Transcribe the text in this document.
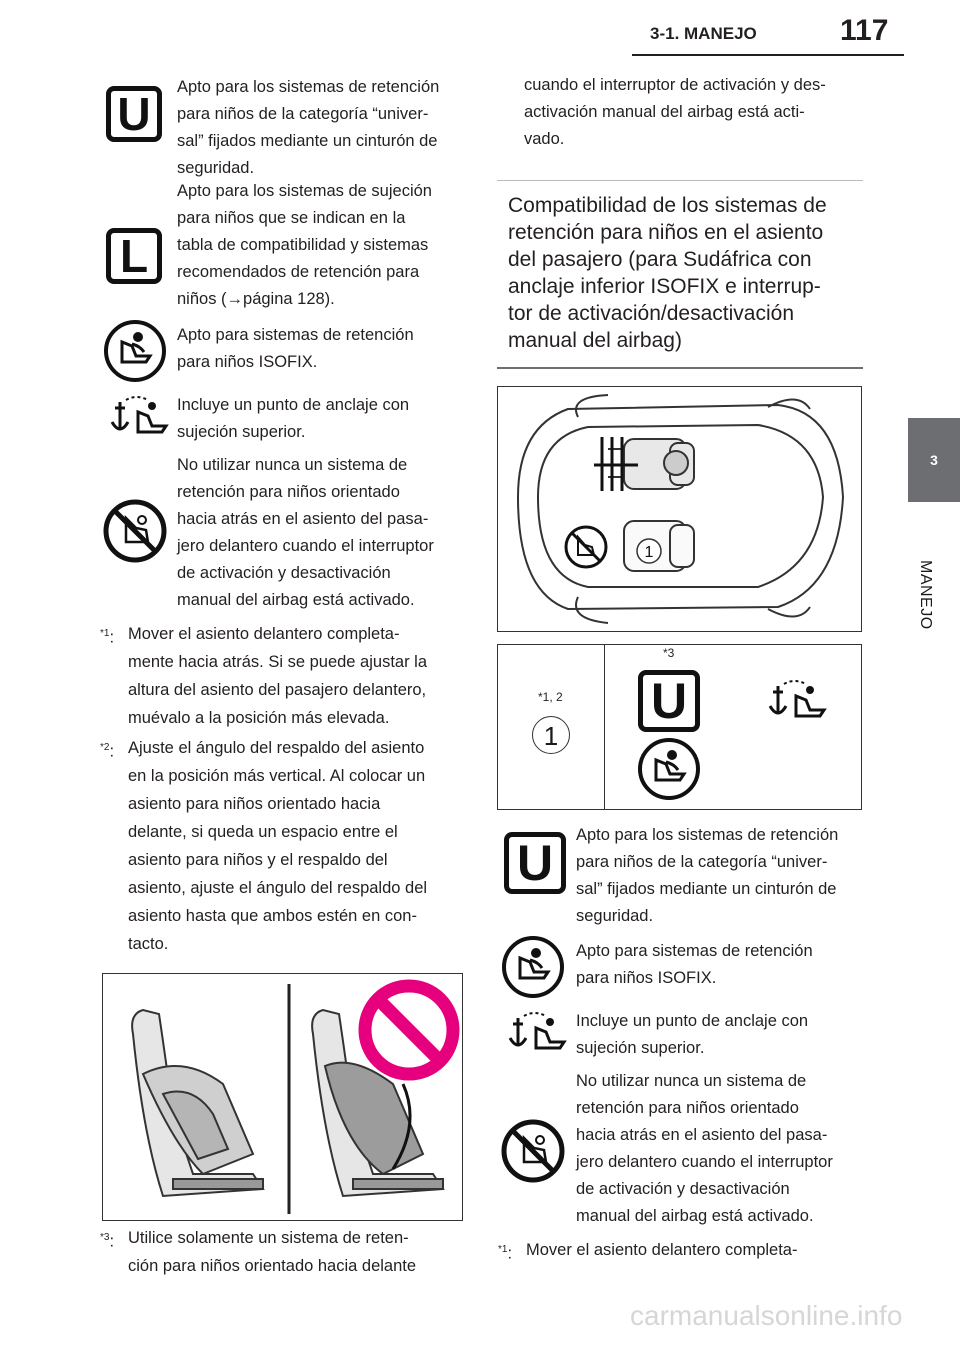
3-1. MANEJO	117
3
MANEJO
U
Apto para los sistemas de retención
para niños de la categoría “univer-
sal” fijados mediante un cinturón de
seguridad.
L
Apto para los sistemas de sujeción
para niños que se indican en la
tabla de compatibilidad y sistemas
recomendados de retención para
niños (→página 128).
Apto para sistemas de retención
para niños ISOFIX.
Incluye un punto de anclaje con
sujeción superior.
No utilizar nunca un sistema de
retención para niños orientado
hacia atrás en el asiento del pasa-
jero delantero cuando el interruptor
de activación y desactivación
manual del airbag está activado.
$^{*1}$: Mover el asiento delantero completa-
mente hacia atrás. Si se puede ajustar la
altura del asiento del pasajero delantero,
muévalo a la posición más elevada.
$^{*2}$: Ajuste el ángulo del respaldo del asiento
en la posición más vertical. Al colocar un
asiento para niños orientado hacia
delante, si queda un espacio entre el
asiento para niños y el respaldo del
asiento, ajuste el ángulo del respaldo del
asiento hasta que ambos estén en con-
tacto.
$^{*3}$: Utilice solamente un sistema de reten-
ción para niños orientado hacia delante
cuando el interruptor de activación y des-
activación manual del airbag está acti-
vado.
Compatibilidad de los sistemas de
retención para niños en el asiento
del pasajero (para Sudáfrica con
anclaje inferior ISOFIX e interrup-
tor de activación/desactivación
manual del airbag)
1
*1, 2
1
*3
U
U	Apto para los sistemas de retención
para niños de la categoría “univer-
sal” fijados mediante un cinturón de
seguridad.
Apto para sistemas de retención
para niños ISOFIX.
Incluye un punto de anclaje con
sujeción superior.
No utilizar nunca un sistema de
retención para niños orientado
hacia atrás en el asiento del pasa-
jero delantero cuando el interruptor
de activación y desactivación
manual del airbag está activado.
$^{*1}$: Mover el asiento delantero completa-
carmanualsonline.info
